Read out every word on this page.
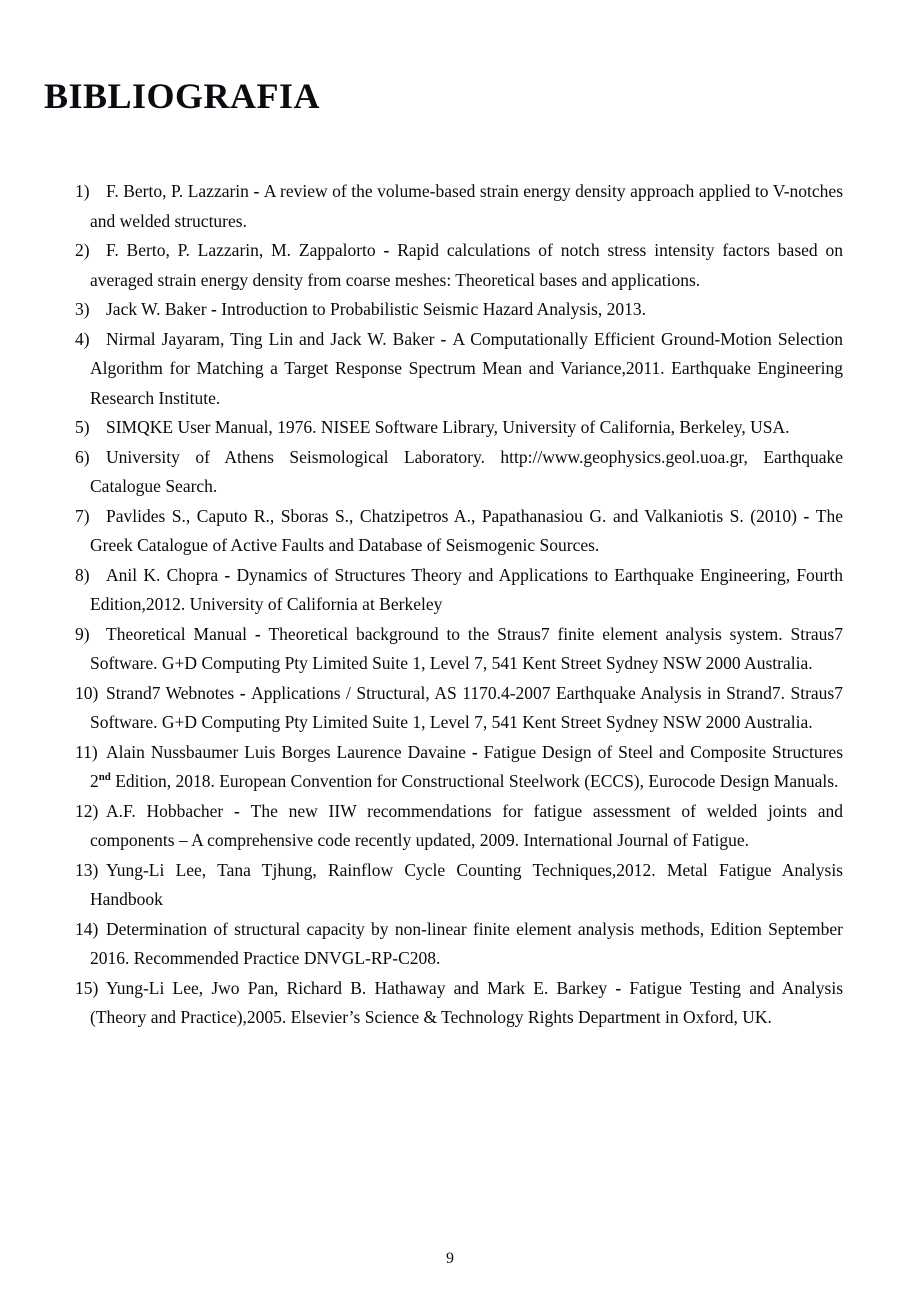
BIBLIOGRAFIA
1) F. Berto, P. Lazzarin - A review of the volume-based strain energy density approach applied to V-notches and welded structures.
2) F. Berto, P. Lazzarin, M. Zappalorto - Rapid calculations of notch stress intensity factors based on averaged strain energy density from coarse meshes: Theoretical bases and applications.
3) Jack W. Baker - Introduction to Probabilistic Seismic Hazard Analysis, 2013.
4) Nirmal Jayaram, Ting Lin and Jack W. Baker - A Computationally Efficient Ground-Motion Selection Algorithm for Matching a Target Response Spectrum Mean and Variance,2011. Earthquake Engineering Research Institute.
5) SIMQKE User Manual, 1976. NISEE Software Library, University of California, Berkeley, USA.
6) University of Athens Seismological Laboratory. http://www.geophysics.geol.uoa.gr, Earthquake Catalogue Search.
7) Pavlides S., Caputo R., Sboras S., Chatzipetros A., Papathanasiou G. and Valkaniotis S. (2010) - The Greek Catalogue of Active Faults and Database of Seismogenic Sources.
8) Anil K. Chopra - Dynamics of Structures Theory and Applications to Earthquake Engineering, Fourth Edition,2012. University of California at Berkeley
9) Theoretical Manual - Theoretical background to the Straus7 finite element analysis system. Straus7 Software. G+D Computing Pty Limited Suite 1, Level 7, 541 Kent Street Sydney NSW 2000 Australia.
10) Strand7 Webnotes - Applications / Structural, AS 1170.4-2007 Earthquake Analysis in Strand7. Straus7 Software. G+D Computing Pty Limited Suite 1, Level 7, 541 Kent Street Sydney NSW 2000 Australia.
11) Alain Nussbaumer Luis Borges Laurence Davaine - Fatigue Design of Steel and Composite Structures 2nd Edition, 2018. European Convention for Constructional Steelwork (ECCS), Eurocode Design Manuals.
12) A.F. Hobbacher - The new IIW recommendations for fatigue assessment of welded joints and components – A comprehensive code recently updated, 2009. International Journal of Fatigue.
13) Yung-Li Lee, Tana Tjhung, Rainflow Cycle Counting Techniques,2012. Metal Fatigue Analysis Handbook
14) Determination of structural capacity by non-linear finite element analysis methods, Edition September 2016. Recommended Practice DNVGL-RP-C208.
15) Yung-Li Lee, Jwo Pan, Richard B. Hathaway and Mark E. Barkey - Fatigue Testing and Analysis (Theory and Practice),2005. Elsevier’s Science & Technology Rights Department in Oxford, UK.
9
